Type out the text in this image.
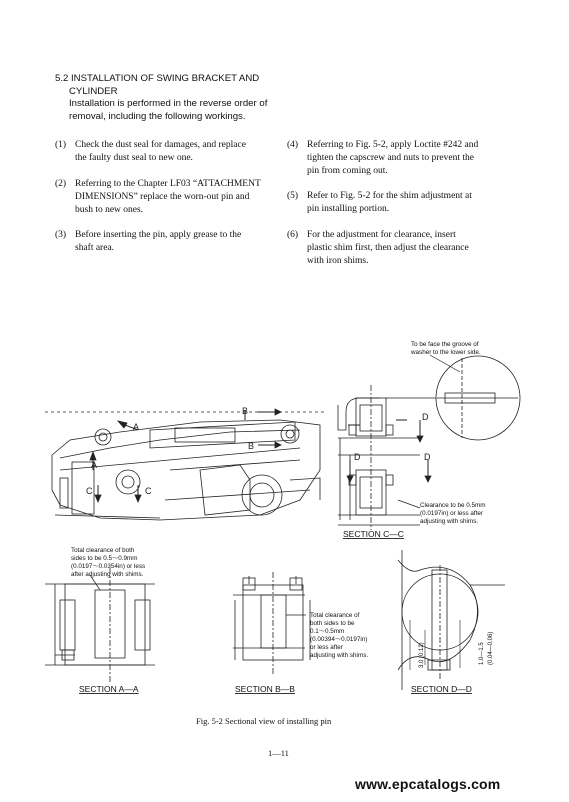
5.2 INSTALLATION OF SWING BRACKET AND
CYLINDER
Installation is performed in the reverse order of
removal, including the following workings.
(1) Check the dust seal for damages, and replace
the faulty dust seal to new one.
(2) Referring to the Chapter LF03 “ATTACHMENT
DIMENSIONS” replace the worn-out pin and
bush to new ones.
(3) Before inserting the pin, apply grease to the
shaft area.
(4) Referring to Fig. 5-2, apply Loctite #242 and
tighten the capscrew and nuts to prevent the
pin from coming out.
(5) Refer to Fig. 5-2 for the shim adjustment at
pin installing portion.
(6) For the adjustment for clearance, insert
plastic shim first, then adjust the clearance
with iron shims.
B
B
A
A
C	C
D
D	D
To be face the groove of
washer to the lower side.
Clearance to be 0.5mm
(0.0197in) or less after
adjusting with shims.
Total clearance of both
sides to be 0.5〜0.9mm
(0.0197〜0.0354in) or less
after adjusting with shims.
Total clearance of
both sides to be
0.1〜0.5mm
(0.00394〜0.0197in)
or less after
adjusting with shims.	3.0 (0.12)	1.0—1.5 (0.04—0.06)
SECTION C—C
SECTION A—A	SECTION B—B	SECTION D—D
Fig. 5-2 Sectional view of installing pin
1—11
www.epcatalogs.com
